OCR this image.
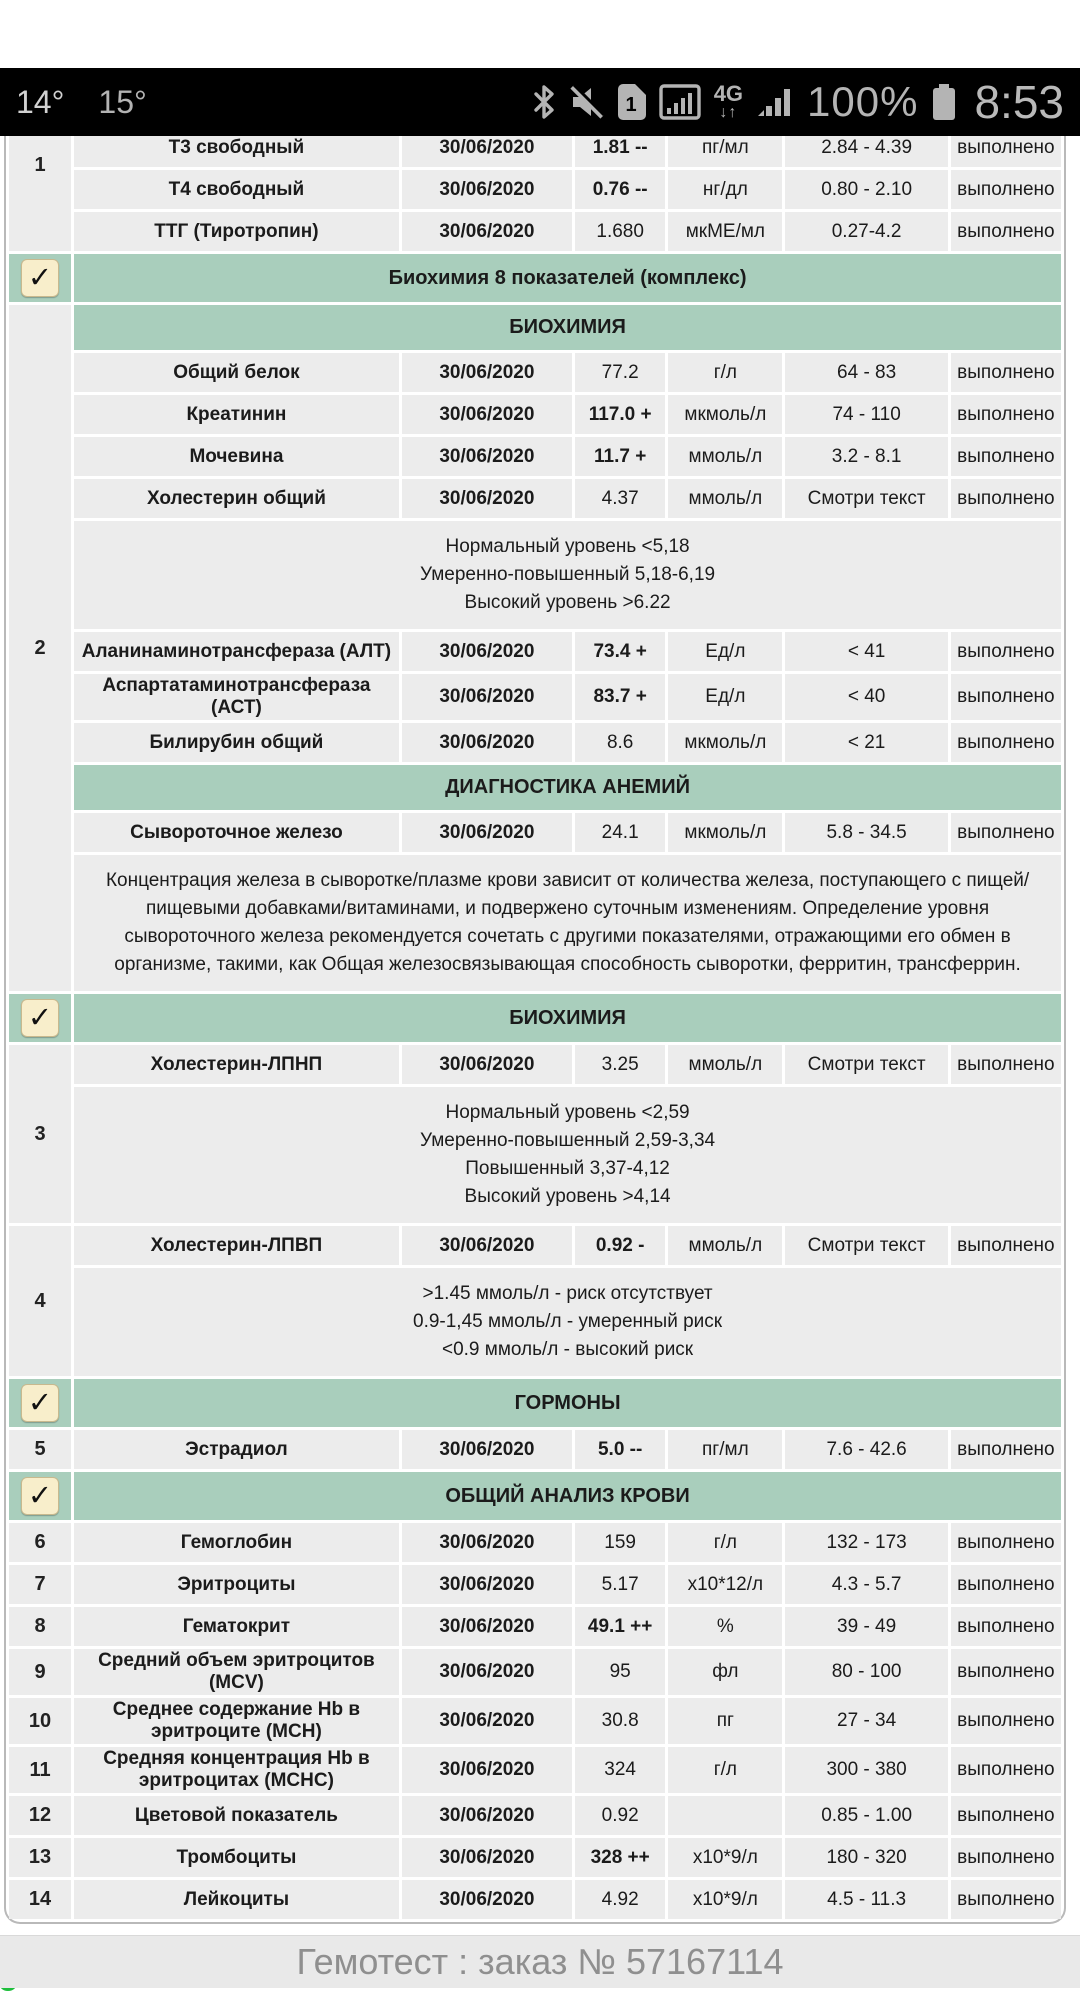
14° 15°	1	4G
↓↑ 100% 8:53

1	
	Т3 свободный	30/06/2020	1.81 --	пг/мл	2.84 - 4.39	выполнено
	Т4 свободный	30/06/2020	0.76 --	нг/дл	0.80 - 2.10	выполнено
	ТТГ (Тиротропин)	30/06/2020	1.680	мкМЕ/мл	0.27-4.2	выполнено
✓	Биохимия 8 показателей (комплекс)					
2	БИОХИМИЯ					
	Общий белок	30/06/2020	77.2	г/л	64 - 83	выполнено
	Креатинин	30/06/2020	117.0 +	мкмоль/л	74 - 110	выполнено
	Мочевина	30/06/2020	11.7 +	ммоль/л	3.2 - 8.1	выполнено
	Холестерин общий	30/06/2020	4.37	ммоль/л	Смотри текст	выполнено

	Нормальный уровень <5,18
Умеренно-повышенный 5,18-6,19
Высокий уровень >6.22					

	Аланинаминотрансфераза (АЛТ)	30/06/2020	73.4 +	Ед/л	< 41	выполнено
	Аспартатаминотрансфераза (АСТ)	30/06/2020	83.7 +	Ед/л	< 40	выполнено
	Билирубин общий	30/06/2020	8.6	мкмоль/л	< 21	выполнено
	ДИАГНОСТИКА АНЕМИЙ					
	Сывороточное железо	30/06/2020	24.1	мкмоль/л	5.8 - 34.5	выполнено

	Концентрация железа в сыворотке/плазме крови зависит от количества железа, поступающего с пищей/пищевыми добавками/витаминами, и подвержено суточным изменениям. Определение уровня сывороточного железа рекомендуется сочетать с другими показателями, отражающими его обмен в организме, такими, как Общая железосвязывающая способность сыворотки, ферритин, трансферрин.					

✓	БИОХИМИЯ					
3	Холестерин-ЛПНП	30/06/2020	3.25	ммоль/л	Смотри текст	выполнено

	Нормальный уровень <2,59
Умеренно-повышенный 2,59-3,34
Повышенный 3,37-4,12
Высокий уровень >4,14					

4	Холестерин-ЛПВП	30/06/2020	0.92 -	ммоль/л	Смотри текст	выполнено

	>1.45 ммоль/л - риск отсутствует
0.9-1,45 ммоль/л - умеренный риск
<0.9 ммоль/л - высокий риск					

✓	ГОРМОНЫ					
5	Эстрадиол	30/06/2020	5.0 --	пг/мл	7.6 - 42.6	выполнено
✓	ОБЩИЙ АНАЛИЗ КРОВИ					
6	Гемоглобин	30/06/2020	159	г/л	132 - 173	выполнено
7	Эритроциты	30/06/2020	5.17	х10*12/л	4.3 - 5.7	выполнено
8	Гематокрит	30/06/2020	49.1 ++	%	39 - 49	выполнено
9	Средний объем эритроцитов (MCV)	30/06/2020	95	фл	80 - 100	выполнено
10	Среднее содержание Hb в эритроците (MCH)	30/06/2020	30.8	пг	27 - 34	выполнено
11	Средняя концентрация Hb в эритроцитах (MCHC)	30/06/2020	324	г/л	300 - 380	выполнено
12	Цветовой показатель	30/06/2020	0.92		0.85 - 1.00	выполнено
13	Тромбоциты	30/06/2020	328 ++	х10*9/л	180 - 320	выполнено
14	Лейкоциты	30/06/2020	4.92	х10*9/л	4.5 - 11.3	выполнено
Гемотест : заказ № 57167114
